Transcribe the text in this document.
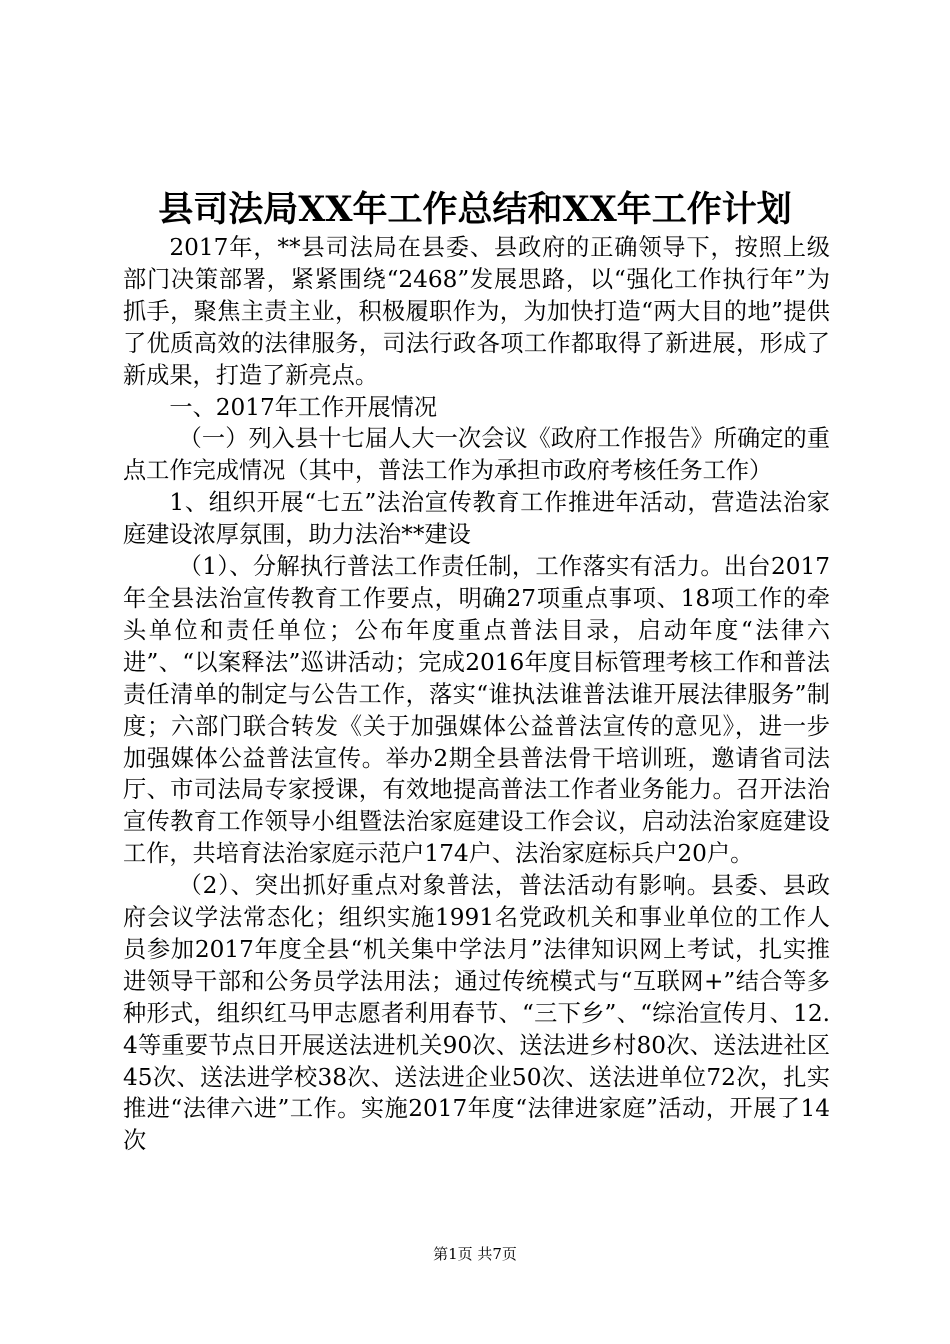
县司法局XX年工作总结和XX年工作计划

2017年，**县司法局在县委、县政府的正确领导下，按照上级部门决策部署，紧紧围绕“2468”发展思路，以“强化工作执行年”为抓手，聚焦主责主业，积极履职作为，为加快打造“两大目的地”提供了优质高效的法律服务，司法行政各项工作都取得了新进展，形成了新成果，打造了新亮点。

一、2017年工作开展情况

（一）列入县十七届人大一次会议《政府工作报告》所确定的重点工作完成情况（其中，普法工作为承担市政府考核任务工作）

1、组织开展“七五”法治宣传教育工作推进年活动，营造法治家庭建设浓厚氛围，助力法治**建设

（1）、分解执行普法工作责任制，工作落实有活力。出台2017年全县法治宣传教育工作要点，明确27项重点事项、18项工作的牵头单位和责任单位；公布年度重点普法目录，启动年度“法律六进”、“以案释法”巡讲活动；完成2016年度目标管理考核工作和普法责任清单的制定与公告工作，落实“谁执法谁普法谁开展法律服务”制度；六部门联合转发《关于加强媒体公益普法宣传的意见》，进一步加强媒体公益普法宣传。举办2期全县普法骨干培训班，邀请省司法厅、市司法局专家授课，有效地提高普法工作者业务能力。召开法治宣传教育工作领导小组暨法治家庭建设工作会议，启动法治家庭建设工作，共培育法治家庭示范户174户、法治家庭标兵户20户。

（2）、突出抓好重点对象普法，普法活动有影响。县委、县政府会议学法常态化；组织实施1991名党政机关和事业单位的工作人员参加2017年度全县“机关集中学法月”法律知识网上考试，扎实推进领导干部和公务员学法用法；通过传统模式与“互联网+”结合等多种形式，组织红马甲志愿者利用春节、“三下乡”、“综治宣传月、12.4等重要节点日开展送法进机关90次、送法进乡村80次、送法进社区45次、送法进学校38次、送法进企业50次、送法进单位72次，扎实推进“法律六进”工作。实施2017年度“法律进家庭”活动，开展了14次

第1页 共7页
